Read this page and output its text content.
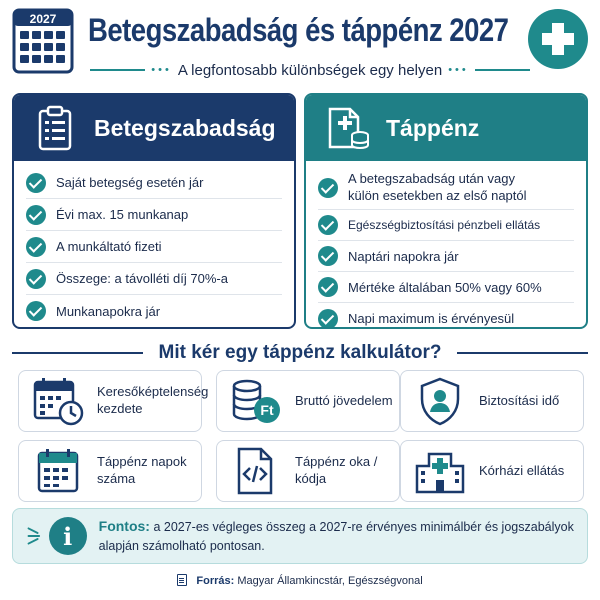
2027 Betegszabadság és táppénz 2027
••• A legfontosabb különbségek egy helyen •••
Betegszabadság
Saját betegség esetén jár
Évi max. 15 munkanap
A munkáltató fizeti
Összege: a távolléti díj 70%-a
Munkanapokra jár
Táppénz
A betegszabadság után vagy külön esetekben az első naptól
Egészségbiztosítási pénzbeli ellátás
Naptári napokra jár
Mértéke általában 50% vagy 60%
Napi maximum is érvényesül
Mit kér egy táppénz kalkulátor?
Keresőképtelenség kezdete	Ft
Bruttó jövedelem	Biztosítási idő
Táppénz napok száma
Táppénz oka / kódja
Kórházi ellátás
i	Fontos: a 2027-es végleges összeg a 2027-re érvényes minimálbér és jogszabályok alapján számolható pontosan.
Forrás: Magyar Államkincstár, Egészségvonal
